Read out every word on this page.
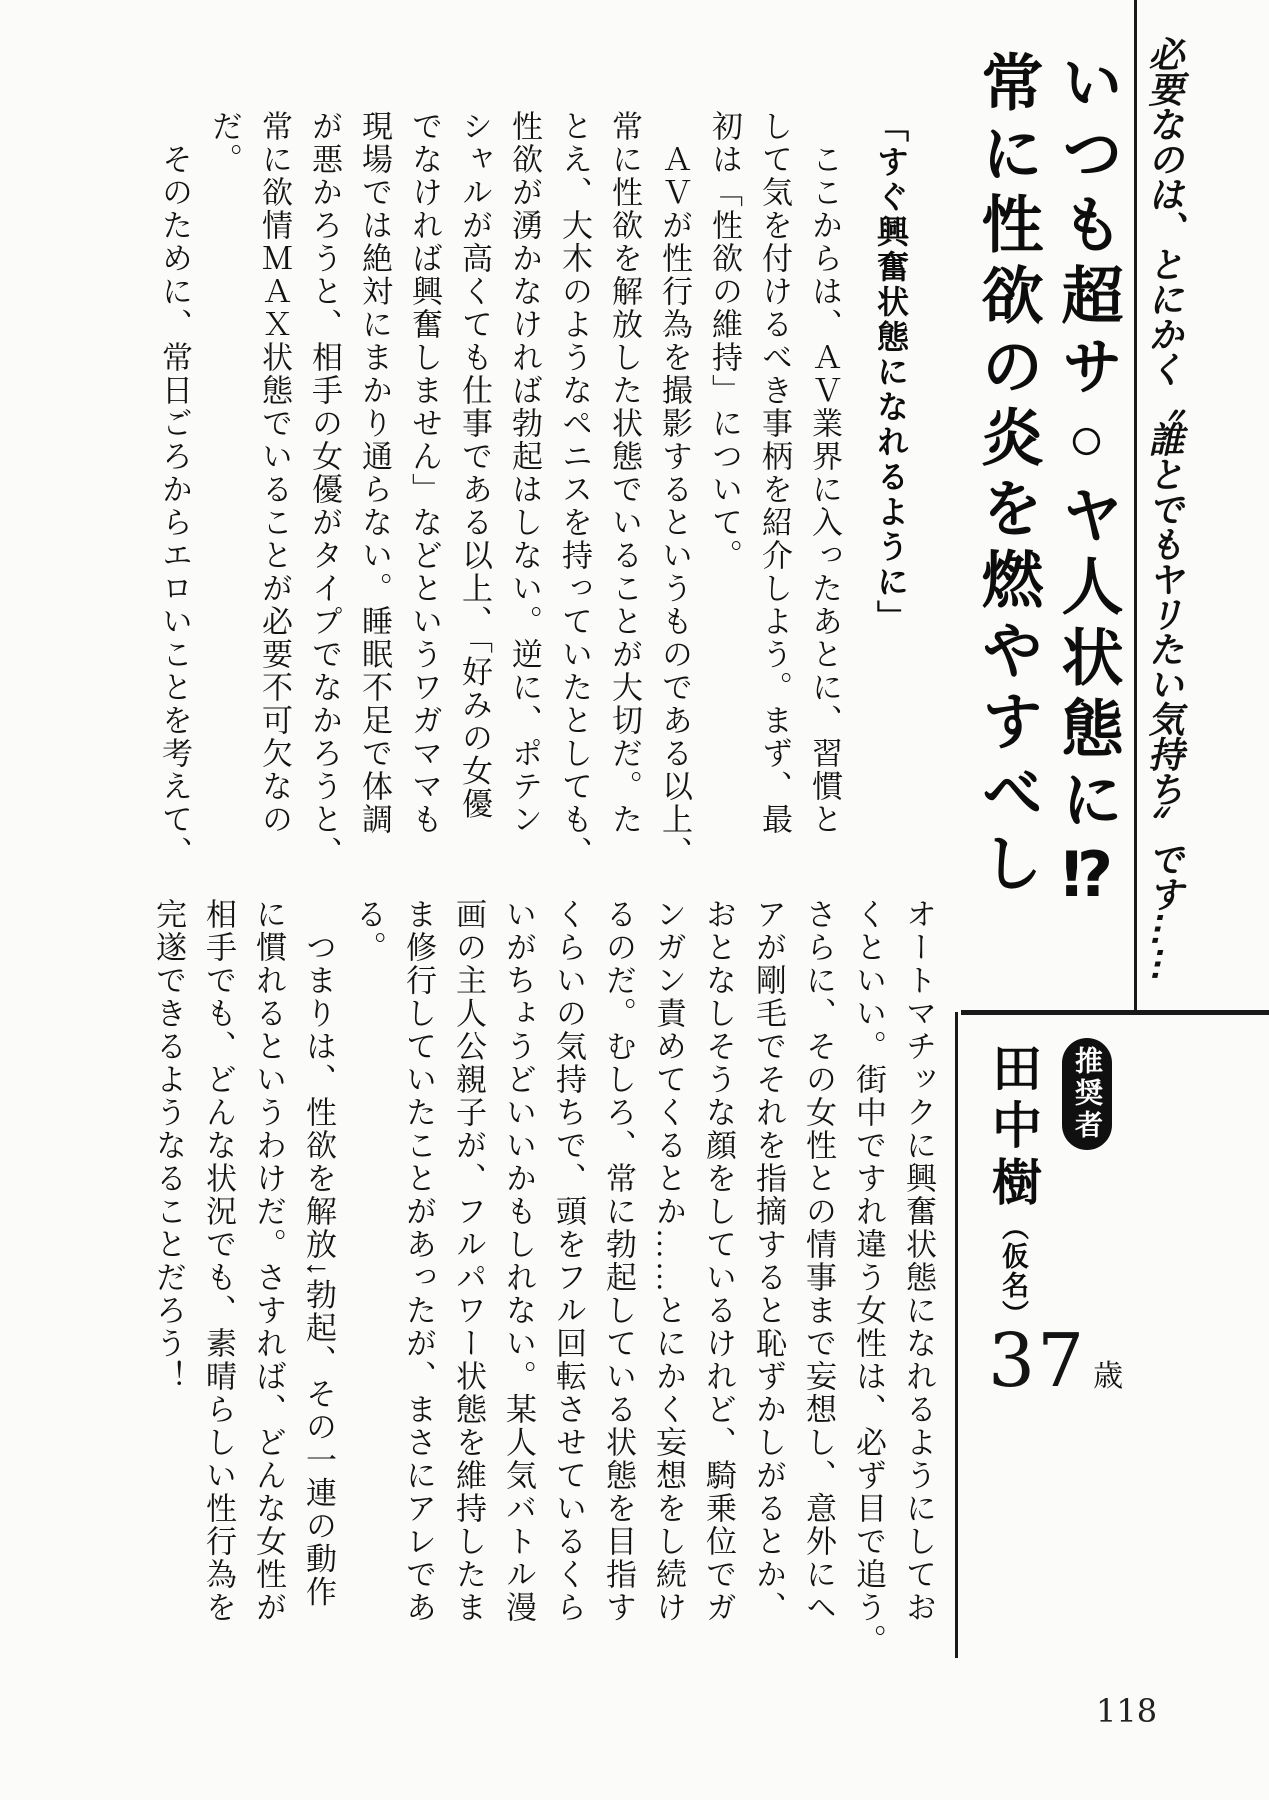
必要なのは、とにかく〝誰とでもヤリたい気持ち〟です……
いつも超サ○ヤ人状態に⁉
常に性欲の炎を燃やすべし
推奨者
田中樹（仮名）
37 歳
「すぐ興奮状態になれるように」
　ここからは、ＡＶ業界に入ったあとに、習慣と
して気を付けるべき事柄を紹介しよう。まず、最
初は「性欲の維持」について。
　ＡＶが性行為を撮影するというものである以上、
常に性欲を解放した状態でいることが大切だ。た
とえ、大木のようなペニスを持っていたとしても、
性欲が湧かなければ勃起はしない。逆に、ポテン
シャルが高くても仕事である以上、「好みの女優
でなければ興奮しません」などというワガママも
現場では絶対にまかり通らない。睡眠不足で体調
が悪かろうと、相手の女優がタイプでなかろうと、
常に欲情ＭＡＸ状態でいることが必要不可欠なの
だ。
　そのために、常日ごろからエロいことを考えて、
オートマチックに興奮状態になれるようにしてお
くといい。街中ですれ違う女性は、必ず目で追う。
さらに、その女性との情事まで妄想し、意外にヘ
アが剛毛でそれを指摘すると恥ずかしがるとか、
おとなしそうな顔をしているけれど、騎乗位でガ
ンガン責めてくるとか……とにかく妄想をし続け
るのだ。むしろ、常に勃起している状態を目指す
くらいの気持ちで、頭をフル回転させているくら
いがちょうどいいかもしれない。某人気バトル漫
画の主人公親子が、フルパワー状態を維持したま
ま修行していたことがあったが、まさにアレであ
る。
　つまりは、性欲を解放↓勃起、その一連の動作
に慣れるというわけだ。さすれば、どんな女性が
相手でも、どんな状況でも、素晴らしい性行為を
完遂できるようなることだろう！
118
